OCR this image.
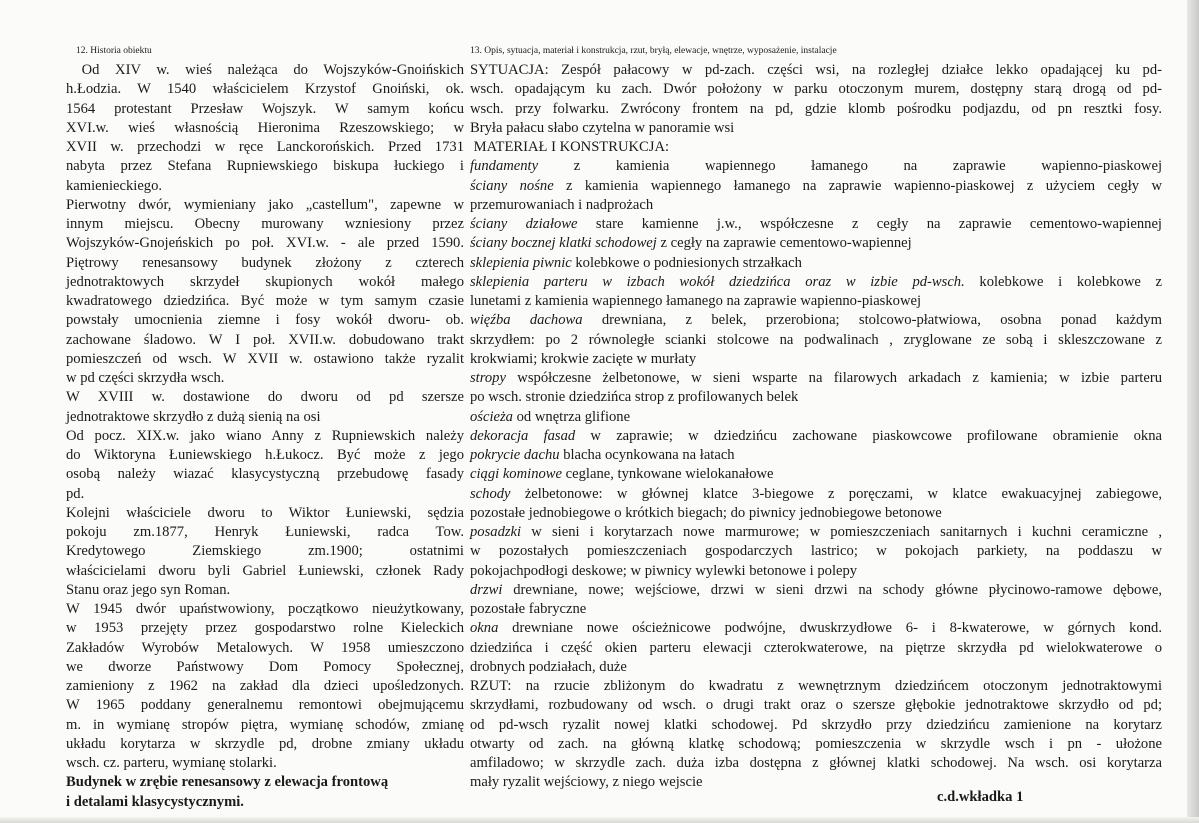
12. Historia obiektu	13. Opis, sytuacja, materiał i konstrukcja, rzut, bryłą, elewacje, wnętrze, wyposażenie, instalacje
Od XIV w. wieś należąca do Wojszyków-Gnoińskich
h.Łodzia. W 1540 właścicielem Krzystof Gnoiński, ok.
1564 protestant Przesław Wojszyk. W samym końcu
XVI.w. wieś własnością Hieronima Rzeszowskiego; w
XVII w. przechodzi w ręce Lanckorońskich. Przed 1731
nabyta przez Stefana Rupniewskiego biskupa łuckiego i
kamienieckiego.
Pierwotny dwór, wymieniany jako „castellum", zapewne w
innym miejscu. Obecny murowany wzniesiony przez
Wojszyków-Gnojeńskich po poł. XVI.w. - ale przed 1590.
Piętrowy renesansowy budynek złożony z czterech
jednotraktowych skrzydeł skupionych wokół małego
kwadratowego dziedzińca. Być może w tym samym czasie
powstały umocnienia ziemne i fosy wokół dworu- ob.
zachowane śladowo. W I poł. XVII.w. dobudowano trakt
pomieszczeń od wsch. W XVII w. ostawiono także ryzalit
w pd części skrzydła wsch.
W XVIII w. dostawione do dworu od pd szersze
jednotraktowe skrzydło z dużą sienią na osi
Od pocz. XIX.w. jako wiano Anny z Rupniewskich należy
do Wiktoryna Łuniewskiego h.Łukocz. Być może z jego
osobą należy wiazać klasycystyczną przebudowę fasady
pd.
Kolejni właściciele dworu to Wiktor Łuniewski, sędzia
pokoju zm.1877, Henryk Łuniewski, radca Tow.
Kredytowego Ziemskiego zm.1900; ostatnimi
właścicielami dworu byli Gabriel Łuniewski, członek Rady
Stanu oraz jego syn Roman.
W 1945 dwór upaństwowiony, początkowo nieużytkowany,
w 1953 przejęty przez gospodarstwo rolne Kieleckich
Zakładów Wyrobów Metalowych. W 1958 umieszczono
we dworze Państwowy Dom Pomocy Społecznej,
zamieniony z 1962 na zakład dla dzieci upośledzonych.
W 1965 poddany generalnemu remontowi obejmującemu
m. in wymianę stropów piętra, wymianę schodów, zmianę
układu korytarza w skrzydle pd, drobne zmiany układu
wsch. cz. parteru, wymianę stolarki.
Budynek w zrębie renesansowy z elewacja frontową
i detalami klasycystycznymi.
SYTUACJA: Zespół pałacowy w pd-zach. części wsi, na rozległej działce lekko opadającej ku pd-
wsch. opadającym ku zach. Dwór położony w parku otoczonym murem, dostępny starą drogą od pd-
wsch. przy folwarku. Zwrócony frontem na pd, gdzie klomb pośrodku podjazdu, od pn resztki fosy.
Bryła pałacu słabo czytelna w panoramie wsi
MATERIAŁ I KONSTRUKCJA:
fundamenty z kamienia wapiennego łamanego na zaprawie wapienno-piaskowej
ściany nośne z kamienia wapiennego łamanego na zaprawie wapienno-piaskowej z użyciem cegły w
przemurowaniach i nadprożach
ściany działowe stare kamienne j.w., współczesne z cegły na zaprawie cementowo-wapiennej
ściany bocznej klatki schodowej z cegły na zaprawie cementowo-wapiennej
sklepienia piwnic kolebkowe o podniesionych strzałkach
sklepienia parteru w izbach wokół dziedzińca oraz w izbie pd-wsch. kolebkowe i kolebkowe z
lunetami z kamienia wapiennego łamanego na zaprawie wapienno-piaskowej
więźba dachowa drewniana, z belek, przerobiona; stolcowo-płatwiowa, osobna ponad każdym
skrzydłem: po 2 równoległe scianki stolcowe na podwalinach , zryglowane ze sobą i skleszczowane z
krokwiami; krokwie zacięte w murłaty
stropy współczesne żelbetonowe, w sieni wsparte na filarowych arkadach z kamienia; w izbie parteru
po wsch. stronie dziedzińca strop z profilowanych belek
ościeża od wnętrza glifione
dekoracja fasad w zaprawie; w dziedzińcu zachowane piaskowcowe profilowane obramienie okna
pokrycie dachu blacha ocynkowana na łatach
ciągi kominowe ceglane, tynkowane wielokanałowe
schody żelbetonowe: w głównej klatce 3-biegowe z poręczami, w klatce ewakuacyjnej zabiegowe,
pozostałe jednobiegowe o krótkich biegach; do piwnicy jednobiegowe betonowe
posadzki w sieni i korytarzach nowe marmurowe; w pomieszczeniach sanitarnych i kuchni ceramiczne ,
w pozostałych pomieszczeniach gospodarczych lastrico; w pokojach parkiety, na poddaszu w
pokojachpodłogi deskowe; w piwnicy wylewki betonowe i polepy
drzwi drewniane, nowe; wejściowe, drzwi w sieni drzwi na schody główne płycinowo-ramowe dębowe,
pozostałe fabryczne
okna drewniane nowe ościeżnicowe podwójne, dwuskrzydłowe 6- i 8-kwaterowe, w górnych kond.
dziedzińca i część okien parteru elewacji czterokwaterowe, na piętrze skrzydła pd wielokwaterowe o
drobnych podziałach, duże
RZUT: na rzucie zbliżonym do kwadratu z wewnętrznym dziedzińcem otoczonym jednotraktowymi
skrzydłami, rozbudowany od wsch. o drugi trakt oraz o szersze głębokie jednotraktowe skrzydło od pd;
od pd-wsch ryzalit nowej klatki schodowej. Pd skrzydło przy dziedzińcu zamienione na korytarz
otwarty od zach. na główną klatkę schodową; pomieszczenia w skrzydle wsch i pn - ułożone
amfiladowo; w skrzydle zach. duża izba dostępna z głównej klatki schodowej. Na wsch. osi korytarza
mały ryzalit wejściowy, z niego wejscie
c.d.wkładka 1
